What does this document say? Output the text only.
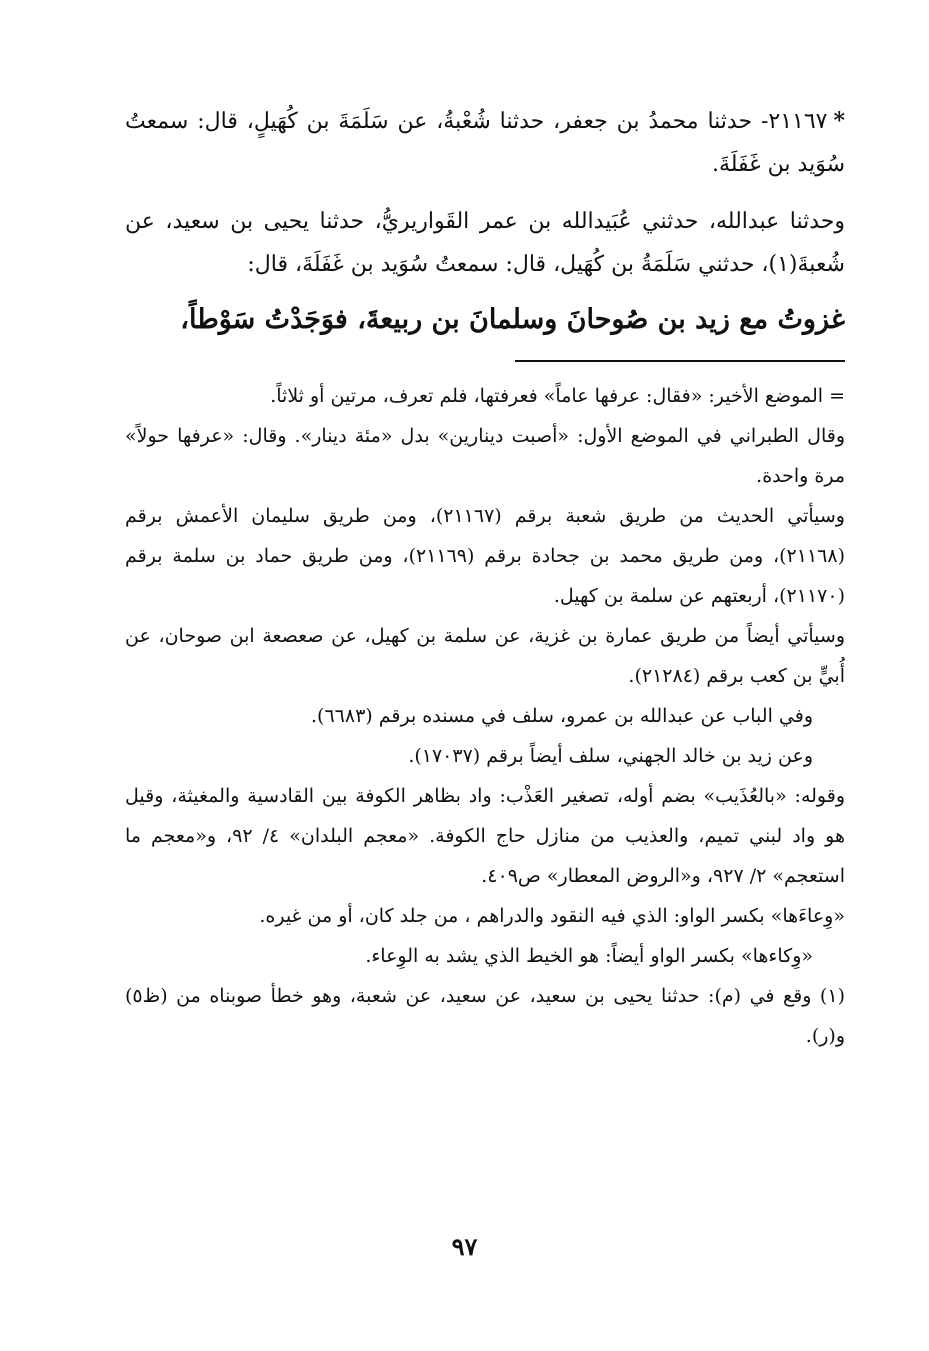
*٢١١٦٧- حدثنا محمدُ بن جعفر، حدثنا شُعْبةُ، عن سَلَمَةَ بن كُهَيلٍ، قال: سمعتُ سُوَيد بن غَفَلَةَ.

وحدثنا عبدالله، حدثني عُبَيدالله بن عمر القَواريريُّ، حدثنا يحيى بن سعيد، عن شُعبةَ(١)، حدثني سَلَمَةُ بن كُهَيل، قال: سمعتُ سُوَيد بن غَفَلَةَ، قال:

غزوتُ مع زيد بن صُوحانَ وسلمانَ بن ربيعةَ، فوَجَدْتُ سَوْطاً،

= الموضع الأخير: «فقال: عرفها عاماً» فعرفتها، فلم تعرف، مرتين أو ثلاثاً.

وقال الطبراني في الموضع الأول: «أصبت دينارين» بدل «مئة دينار». وقال: «عرفها حولاً» مرة واحدة.

وسيأتي الحديث من طريق شعبة برقم (٢١١٦٧)، ومن طريق سليمان الأعمش برقم (٢١١٦٨)، ومن طريق محمد بن جحادة برقم (٢١١٦٩)، ومن طريق حماد بن سلمة برقم (٢١١٧٠)، أربعتهم عن سلمة بن كهيل.

وسيأتي أيضاً من طريق عمارة بن غزية، عن سلمة بن كهيل، عن صعصعة ابن صوحان، عن أُبيٍّ بن كعب برقم (٢١٢٨٤).

وفي الباب عن عبدالله بن عمرو، سلف في مسنده برقم (٦٦٨٣).

وعن زيد بن خالد الجهني، سلف أيضاً برقم (١٧٠٣٧).

وقوله: «بالعُذَيب» بضم أوله، تصغير العَذْب: واد بظاهر الكوفة بين القادسية والمغيثة، وقيل هو واد لبني تميم، والعذيب من منازل حاج الكوفة. «معجم البلدان» ٤/ ٩٢، و«معجم ما استعجم» ٢/ ٩٢٧، و«الروض المعطار» ص٤٠٩.

«وِعاءَها» بكسر الواو: الذي فيه النقود والدراهم ، من جلد كان، أو من غيره.

«وِكاءها» بكسر الواو أيضاً: هو الخيط الذي يشد به الوِعاء.

(١) وقع في (م): حدثنا يحيى بن سعيد، عن سعيد، عن شعبة، وهو خطأ صوبناه من (ظ٥) و(ر).

٩٧
